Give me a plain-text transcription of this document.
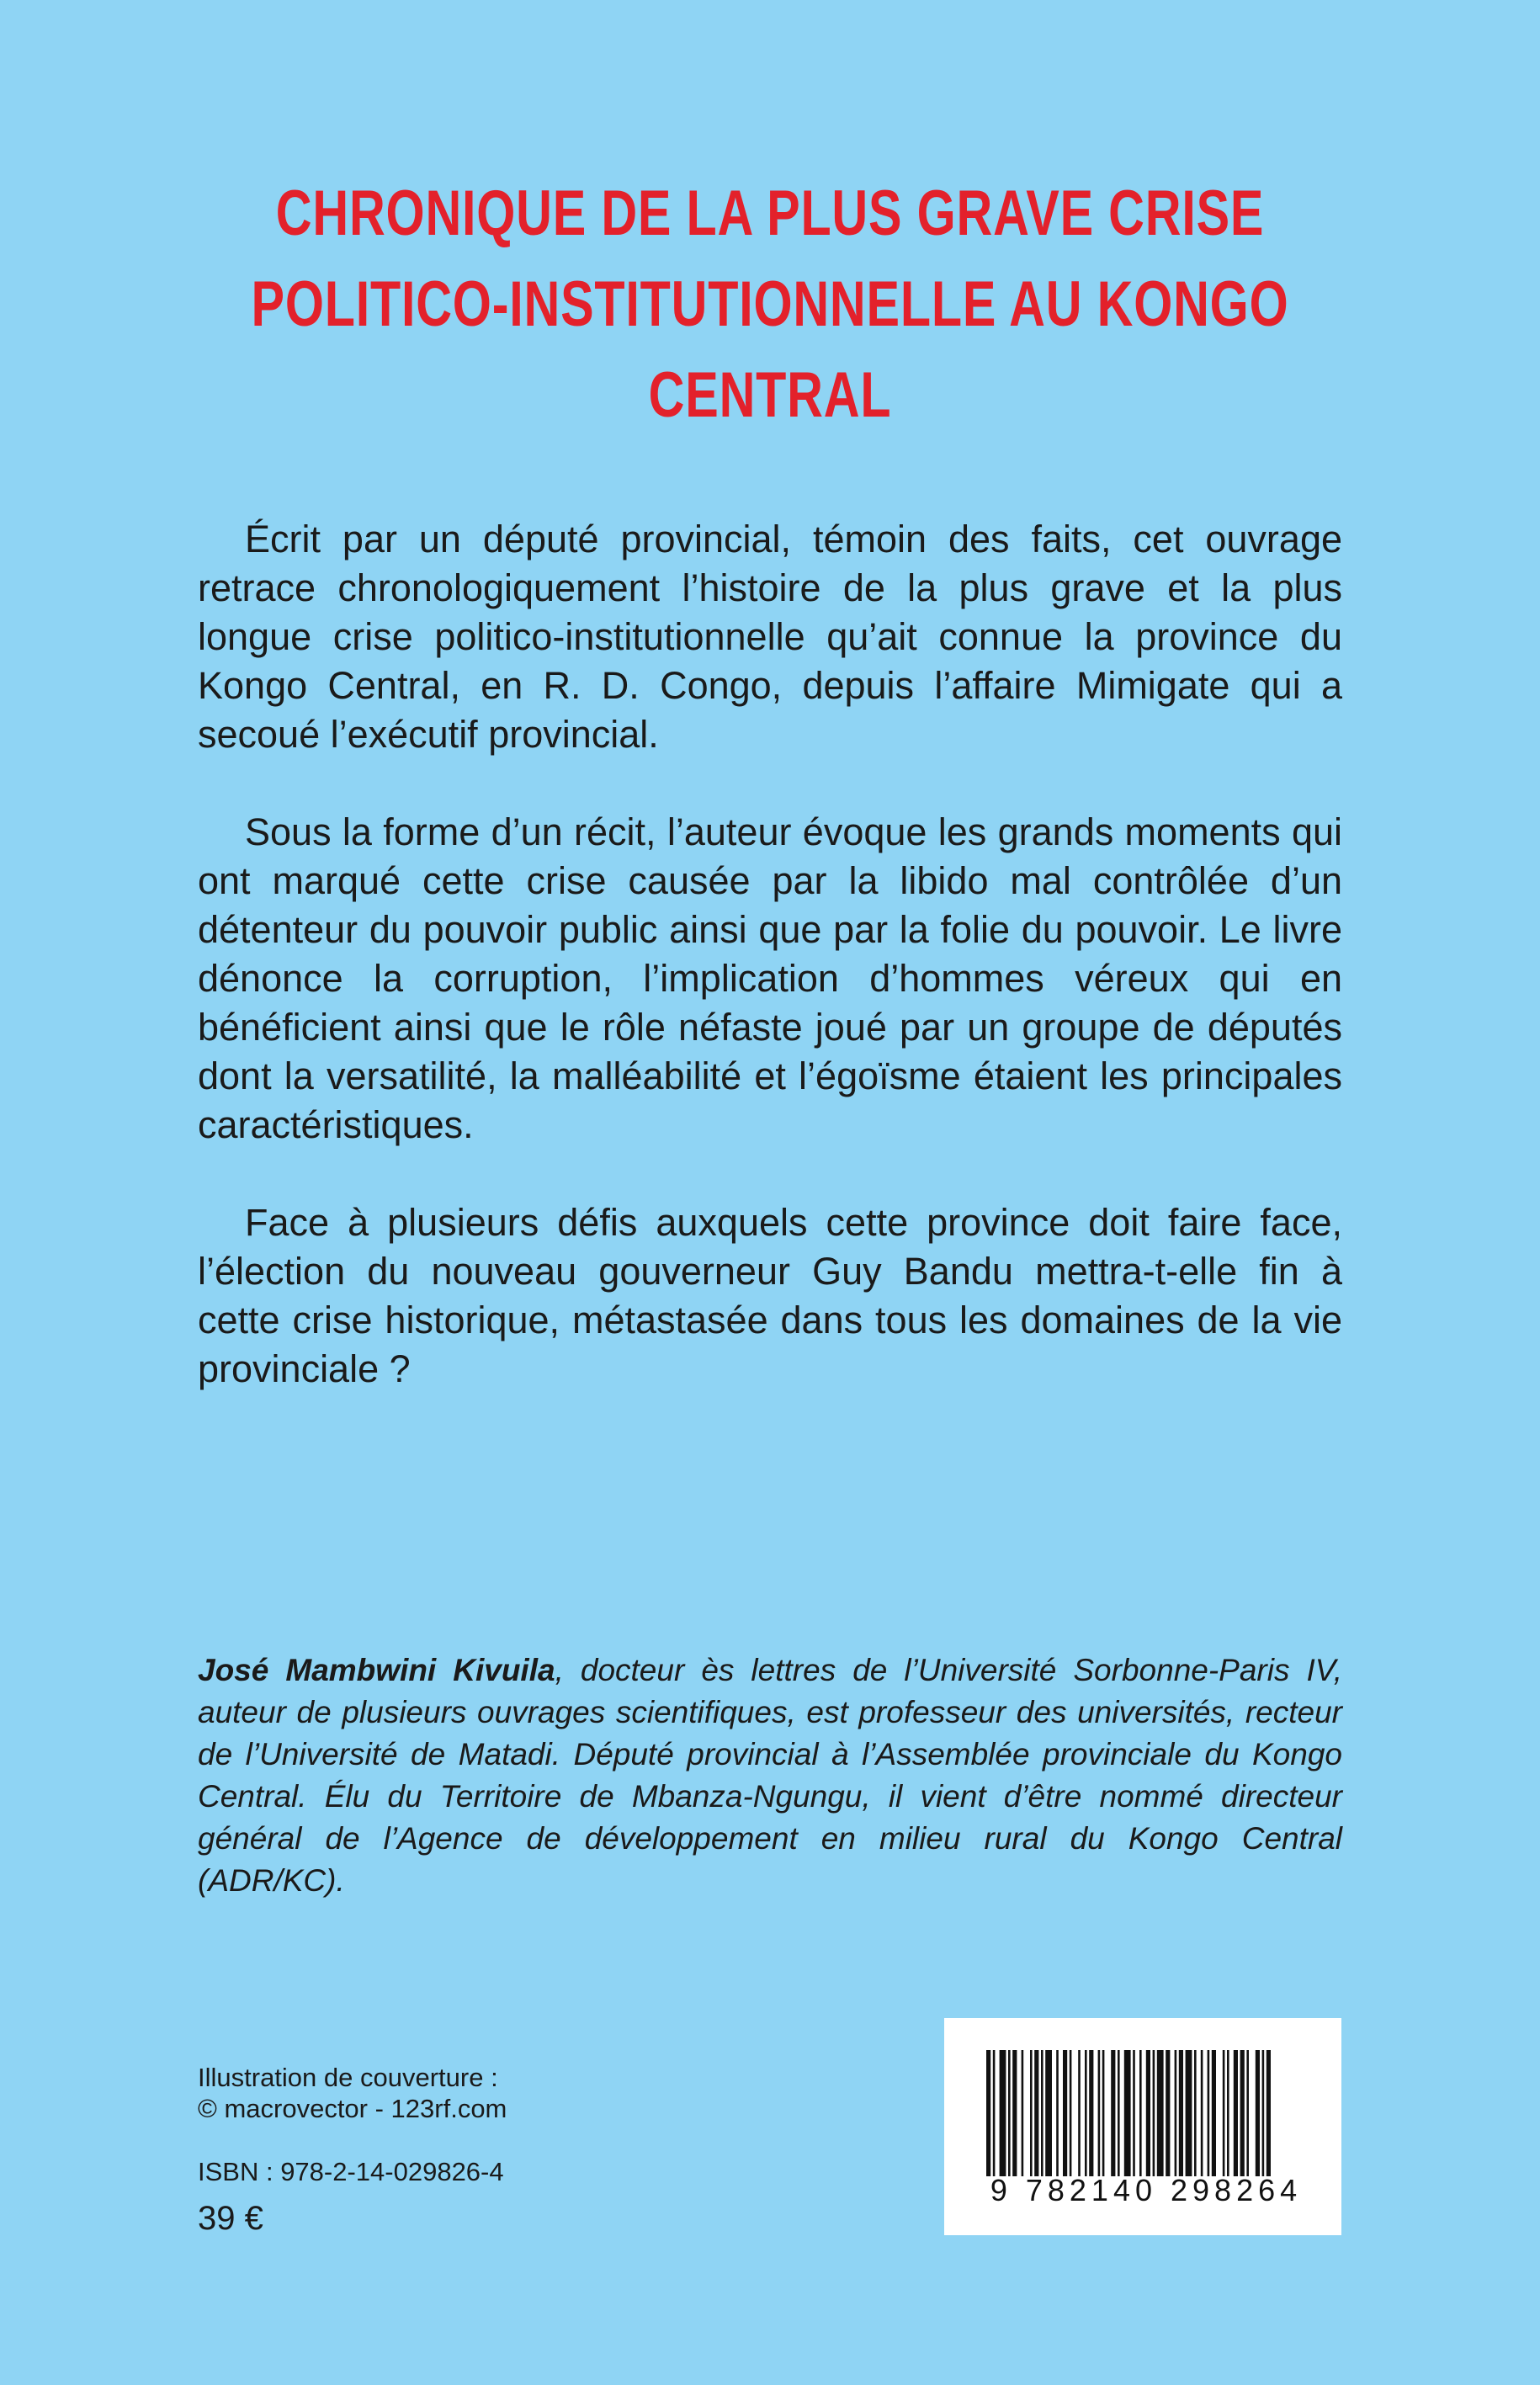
CHRONIQUE DE LA PLUS GRAVE CRISE
POLITICO-INSTITUTIONNELLE AU KONGO CENTRAL

Écrit par un député provincial, témoin des faits, cet ouvrage retrace chronologiquement l’histoire de la plus grave et la plus longue crise politico-institutionnelle qu’ait connue la province du Kongo Central, en R. D. Congo, depuis l’affaire Mimigate qui a secoué l’exécutif provincial.

Sous la forme d’un récit, l’auteur évoque les grands moments qui ont marqué cette crise causée par la libido mal contrôlée d’un détenteur du pouvoir public ainsi que par la folie du pouvoir. Le livre dénonce la corruption, l’implication d’hommes véreux qui en bénéficient ainsi que le rôle néfaste joué par un groupe de députés dont la versatilité, la malléabilité et l’égoïsme étaient les principales caractéristiques.

Face à plusieurs défis auxquels cette province doit faire face, l’élection du nouveau gouverneur Guy Bandu mettra-t-elle fin à cette crise historique, métastasée dans tous les domaines de la vie provinciale ?

José Mambwini Kivuila, docteur ès lettres de l’Université Sorbonne-Paris IV, auteur de plusieurs ouvrages scientifiques, est professeur des universités, recteur de l’Université de Matadi. Député provincial à l’Assemblée provinciale du Kongo Central. Élu du Territoire de Mbanza-Ngungu, il vient d’être nommé directeur général de l’Agence de développement en milieu rural du Kongo Central (ADR/KC).
Illustration de couverture :
© macrovector - 123rf.com
ISBN : 978-2-14-029826-4
39 €
9 782140 298264
